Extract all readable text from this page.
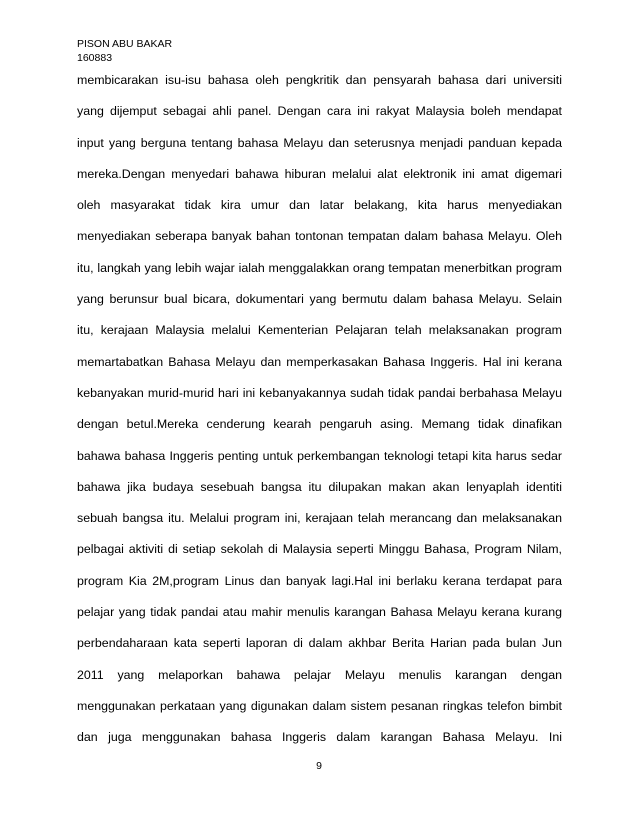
PISON ABU BAKAR
160883
membicarakan isu-isu bahasa oleh pengkritik dan pensyarah bahasa dari universiti
yang dijemput sebagai ahli panel. Dengan cara ini rakyat Malaysia boleh mendapat
input yang berguna tentang bahasa Melayu dan seterusnya menjadi panduan kepada
mereka.Dengan menyedari bahawa hiburan melalui alat elektronik ini amat digemari
oleh masyarakat tidak kira umur dan latar belakang, kita harus menyediakan
menyediakan seberapa banyak bahan tontonan tempatan dalam bahasa Melayu. Oleh
itu, langkah yang lebih wajar ialah menggalakkan orang tempatan menerbitkan program
yang berunsur bual bicara, dokumentari yang bermutu dalam bahasa Melayu. Selain
itu, kerajaan Malaysia melalui Kementerian Pelajaran telah melaksanakan program
memartabatkan Bahasa Melayu dan memperkasakan Bahasa Inggeris. Hal ini kerana
kebanyakan murid-murid hari ini kebanyakannya sudah tidak pandai berbahasa Melayu
dengan betul.Mereka cenderung kearah pengaruh asing. Memang tidak dinafikan
bahawa bahasa Inggeris penting untuk perkembangan teknologi tetapi kita harus sedar
bahawa jika budaya sesebuah bangsa itu dilupakan makan akan lenyaplah identiti
sebuah bangsa itu. Melalui program ini, kerajaan telah merancang dan melaksanakan
pelbagai aktiviti di setiap sekolah di Malaysia seperti Minggu Bahasa, Program Nilam,
program Kia 2M,program Linus dan banyak lagi.Hal ini berlaku kerana terdapat para
pelajar yang tidak pandai atau mahir menulis karangan Bahasa Melayu kerana kurang
perbendaharaan kata seperti laporan di dalam akhbar Berita Harian pada bulan Jun
2011 yang melaporkan bahawa pelajar Melayu menulis karangan dengan
menggunakan perkataan yang digunakan dalam sistem pesanan ringkas telefon bimbit
dan juga menggunakan bahasa Inggeris dalam karangan Bahasa Melayu. Ini
9
